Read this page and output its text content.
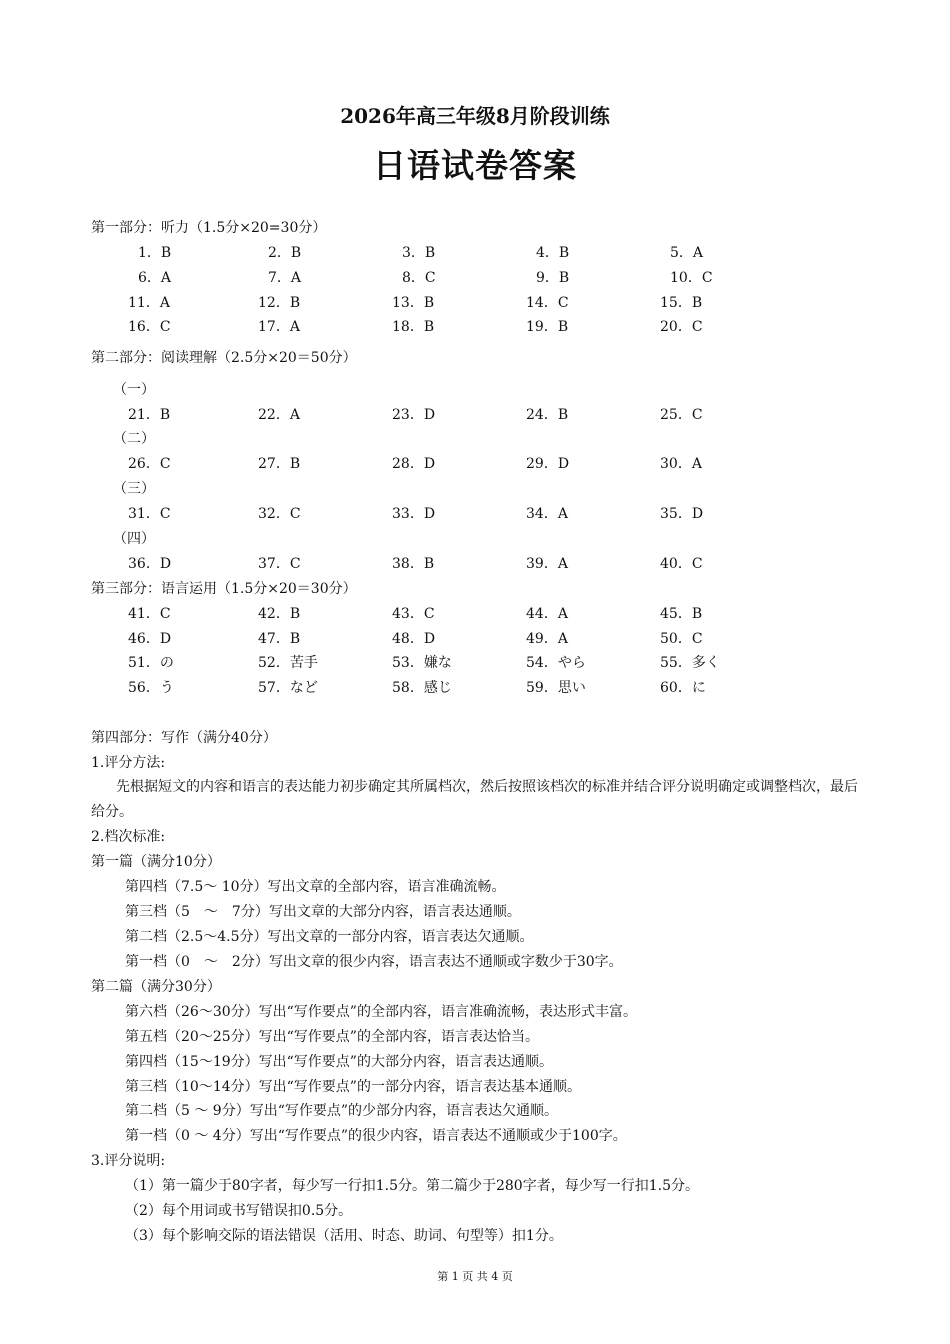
2026年高三年级8月阶段训练
日语试卷答案
第一部分：听力（1.5分×20=30分）
1．B	2．B	3．B	4．B	5．A
6．A	7．A	8．C	9．B	10．C
11．A	12．B	13．B	14．C	15．B
16．C	17．A	18．B	19．B	20．C
第二部分：阅读理解（2.5分×20＝50分）
（一）
21．B	22．A	23．D	24．B	25．C
（二）
26．C	27．B	28．D	29．D	30．A
（三）
31．C	32．C	33．D	34．A	35．D
（四）
36．D	37．C	38．B	39．A	40．C
第三部分：语言运用（1.5分×20＝30分）
41．C	42．B	43．C	44．A	45．B
46．D	47．B	48．D	49．A	50．C
51．の	52．苦手	53．嫌な	54．やら	55．多く
56．う	57．など	58．感じ	59．思い	60．に
第四部分：写作（满分40分）
1.评分方法:
先根据短文的内容和语言的表达能力初步确定其所属档次，然后按照该档次的标准并结合评分说明确定或调整档次，最后给分。
2.档次标准:
第一篇（满分10分）
第四档（7.5～ 10分）写出文章的全部内容，语言准确流畅。
第三档（5　～　7分）写出文章的大部分内容，语言表达通顺。
第二档（2.5～4.5分）写出文章的一部分内容，语言表达欠通顺。
第一档（0　～　2分）写出文章的很少内容，语言表达不通顺或字数少于30字。
第二篇（满分30分）
第六档（26～30分）写出“写作要点”的全部内容，语言准确流畅，表达形式丰富。
第五档（20～25分）写出“写作要点”的全部内容，语言表达恰当。
第四档（15～19分）写出“写作要点”的大部分内容，语言表达通顺。
第三档（10～14分）写出“写作要点”的一部分内容，语言表达基本通顺。
第二档（5 ～ 9分）写出“写作要点”的少部分内容，语言表达欠通顺。
第一档（0 ～ 4分）写出“写作要点”的很少内容，语言表达不通顺或少于100字。
3.评分说明:
（1）第一篇少于80字者，每少写一行扣1.5分。第二篇少于280字者，每少写一行扣1.5分。
（2）每个用词或书写错误扣0.5分。
（3）每个影响交际的语法错误（活用、时态、助词、句型等）扣1分。
第 1 页 共 4 页
